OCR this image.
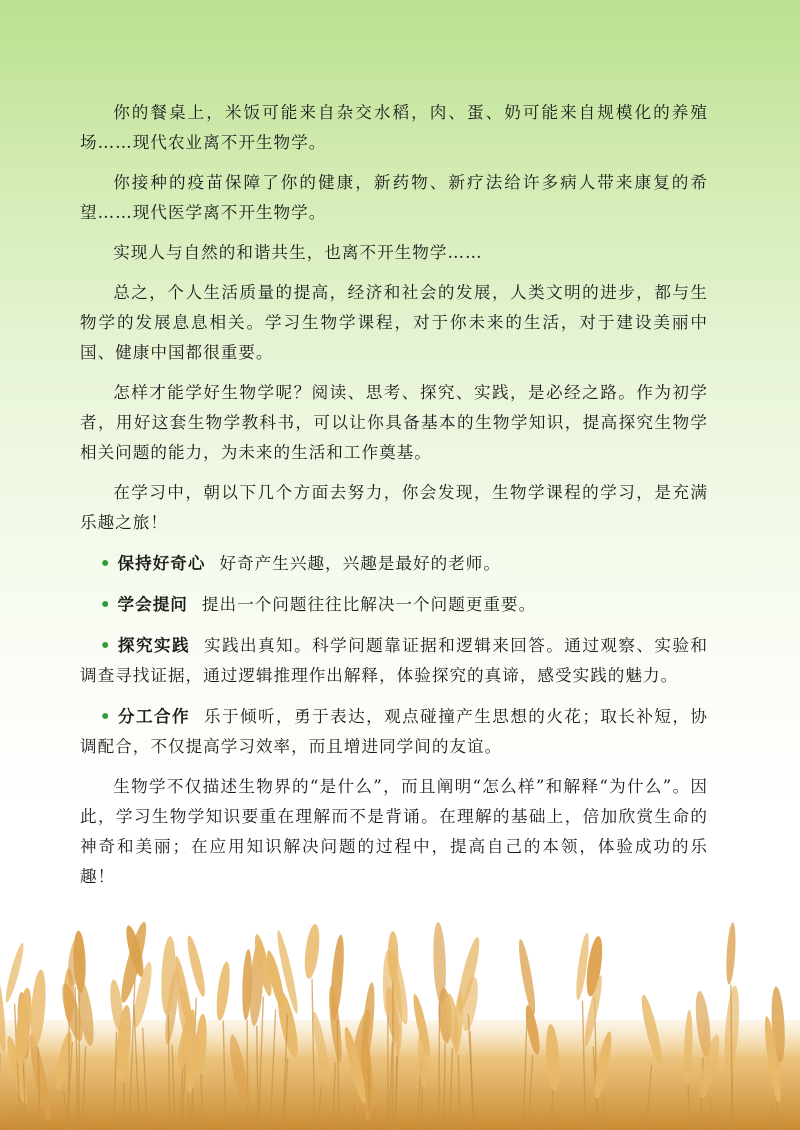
你的餐桌上，米饭可能来自杂交水稻，肉、蛋、奶可能来自规模化的养殖场……现代农业离不开生物学。

你接种的疫苗保障了你的健康，新药物、新疗法给许多病人带来康复的希望……现代医学离不开生物学。

实现人与自然的和谐共生，也离不开生物学……

总之，个人生活质量的提高，经济和社会的发展，人类文明的进步，都与生物学的发展息息相关。学习生物学课程，对于你未来的生活，对于建设美丽中国、健康中国都很重要。

怎样才能学好生物学呢？阅读、思考、探究、实践，是必经之路。作为初学者，用好这套生物学教科书，可以让你具备基本的生物学知识，提高探究生物学相关问题的能力，为未来的生活和工作奠基。

在学习中，朝以下几个方面去努力，你会发现，生物学课程的学习，是充满乐趣之旅！

• 保持好奇心 好奇产生兴趣，兴趣是最好的老师。

• 学会提问 提出一个问题往往比解决一个问题更重要。

• 探究实践 实践出真知。科学问题靠证据和逻辑来回答。通过观察、实验和调查寻找证据，通过逻辑推理作出解释，体验探究的真谛，感受实践的魅力。

• 分工合作 乐于倾听，勇于表达，观点碰撞产生思想的火花；取长补短，协调配合，不仅提高学习效率，而且增进同学间的友谊。

生物学不仅描述生物界的“是什么”，而且阐明“怎么样”和解释“为什么”。因此，学习生物学知识要重在理解而不是背诵。在理解的基础上，倍加欣赏生命的神奇和美丽；在应用知识解决问题的过程中，提高自己的本领，体验成功的乐趣！
